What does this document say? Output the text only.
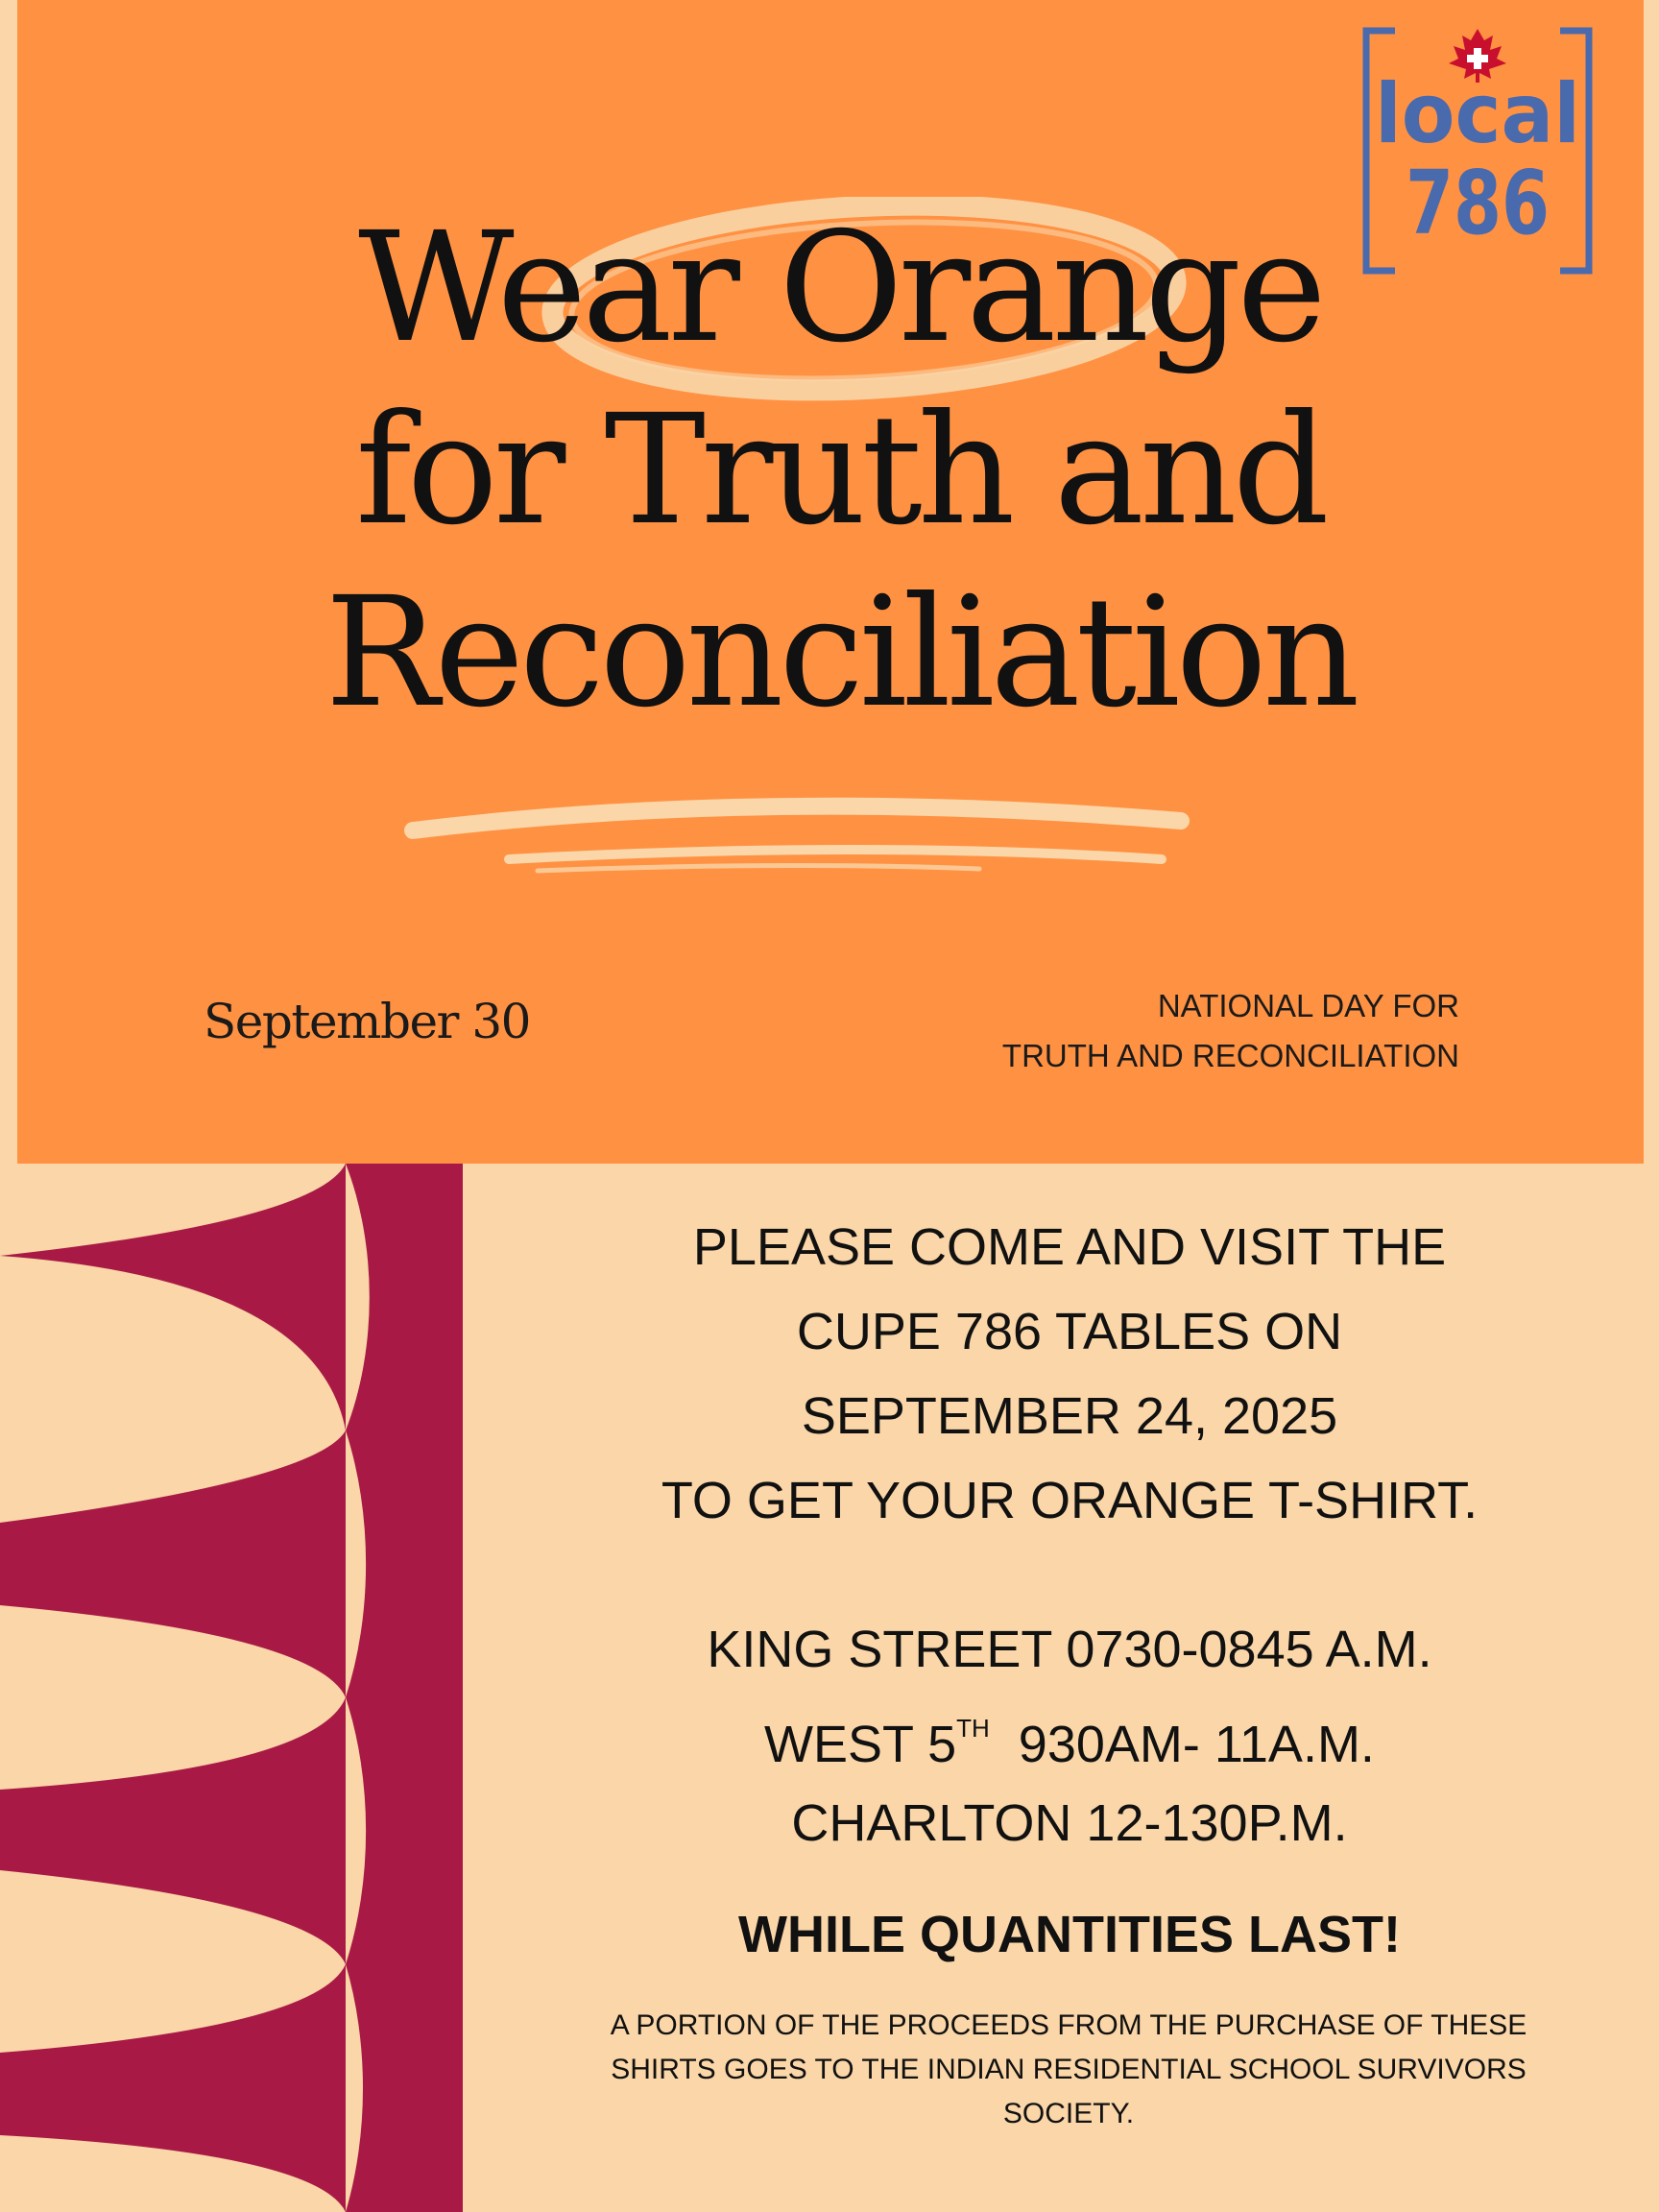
local
786
Wear Orange
for Truth and
Reconciliation
September 30	NATIONAL DAY FOR
TRUTH AND RECONCILIATION
PLEASE COME AND VISIT THE
CUPE 786 TABLES ON
SEPTEMBER 24, 2025
TO GET YOUR ORANGE T-SHIRT.
KING STREET 0730-0845 A.M.
WEST 5TH  930AM- 11A.M.
CHARLTON 12-130P.M.
WHILE QUANTITIES LAST!
A PORTION OF THE PROCEEDS FROM THE PURCHASE OF THESE
SHIRTS GOES TO THE INDIAN RESIDENTIAL SCHOOL SURVIVORS
SOCIETY.
